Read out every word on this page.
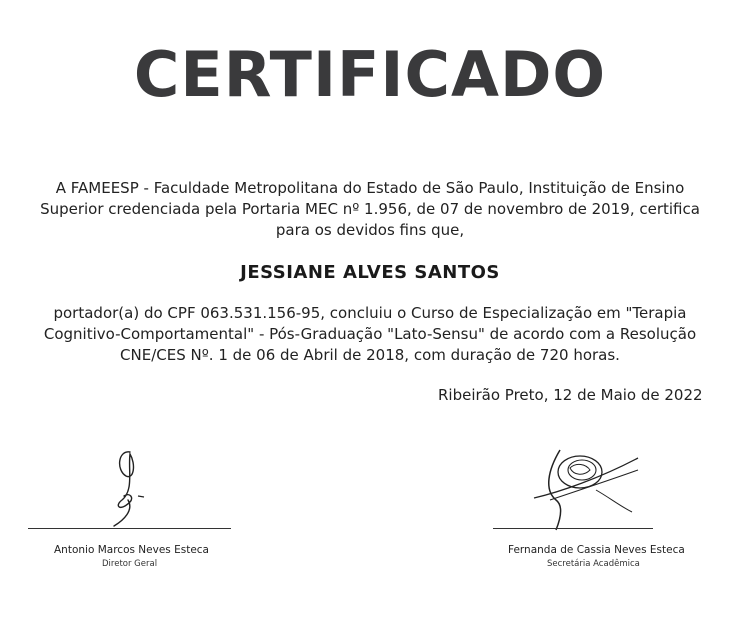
CERTIFICADO
A FAMEESP - Faculdade Metropolitana do Estado de São Paulo, Instituição de Ensino
Superior credenciada pela Portaria MEC nº 1.956, de 07 de novembro de 2019, certifica
para os devidos fins que,
JESSIANE ALVES SANTOS
portador(a) do CPF 063.531.156-95, concluiu o Curso de Especialização em "Terapia
Cognitivo-Comportamental" - Pós-Graduação "Lato-Sensu" de acordo com a Resolução
CNE/CES Nº. 1 de 06 de Abril de 2018, com duração de 720 horas.
Ribeirão Preto, 12 de Maio de 2022
Antonio Marcos Neves Esteca
Diretor Geral
Fernanda de Cassia Neves Esteca
Secretária Acadêmica
